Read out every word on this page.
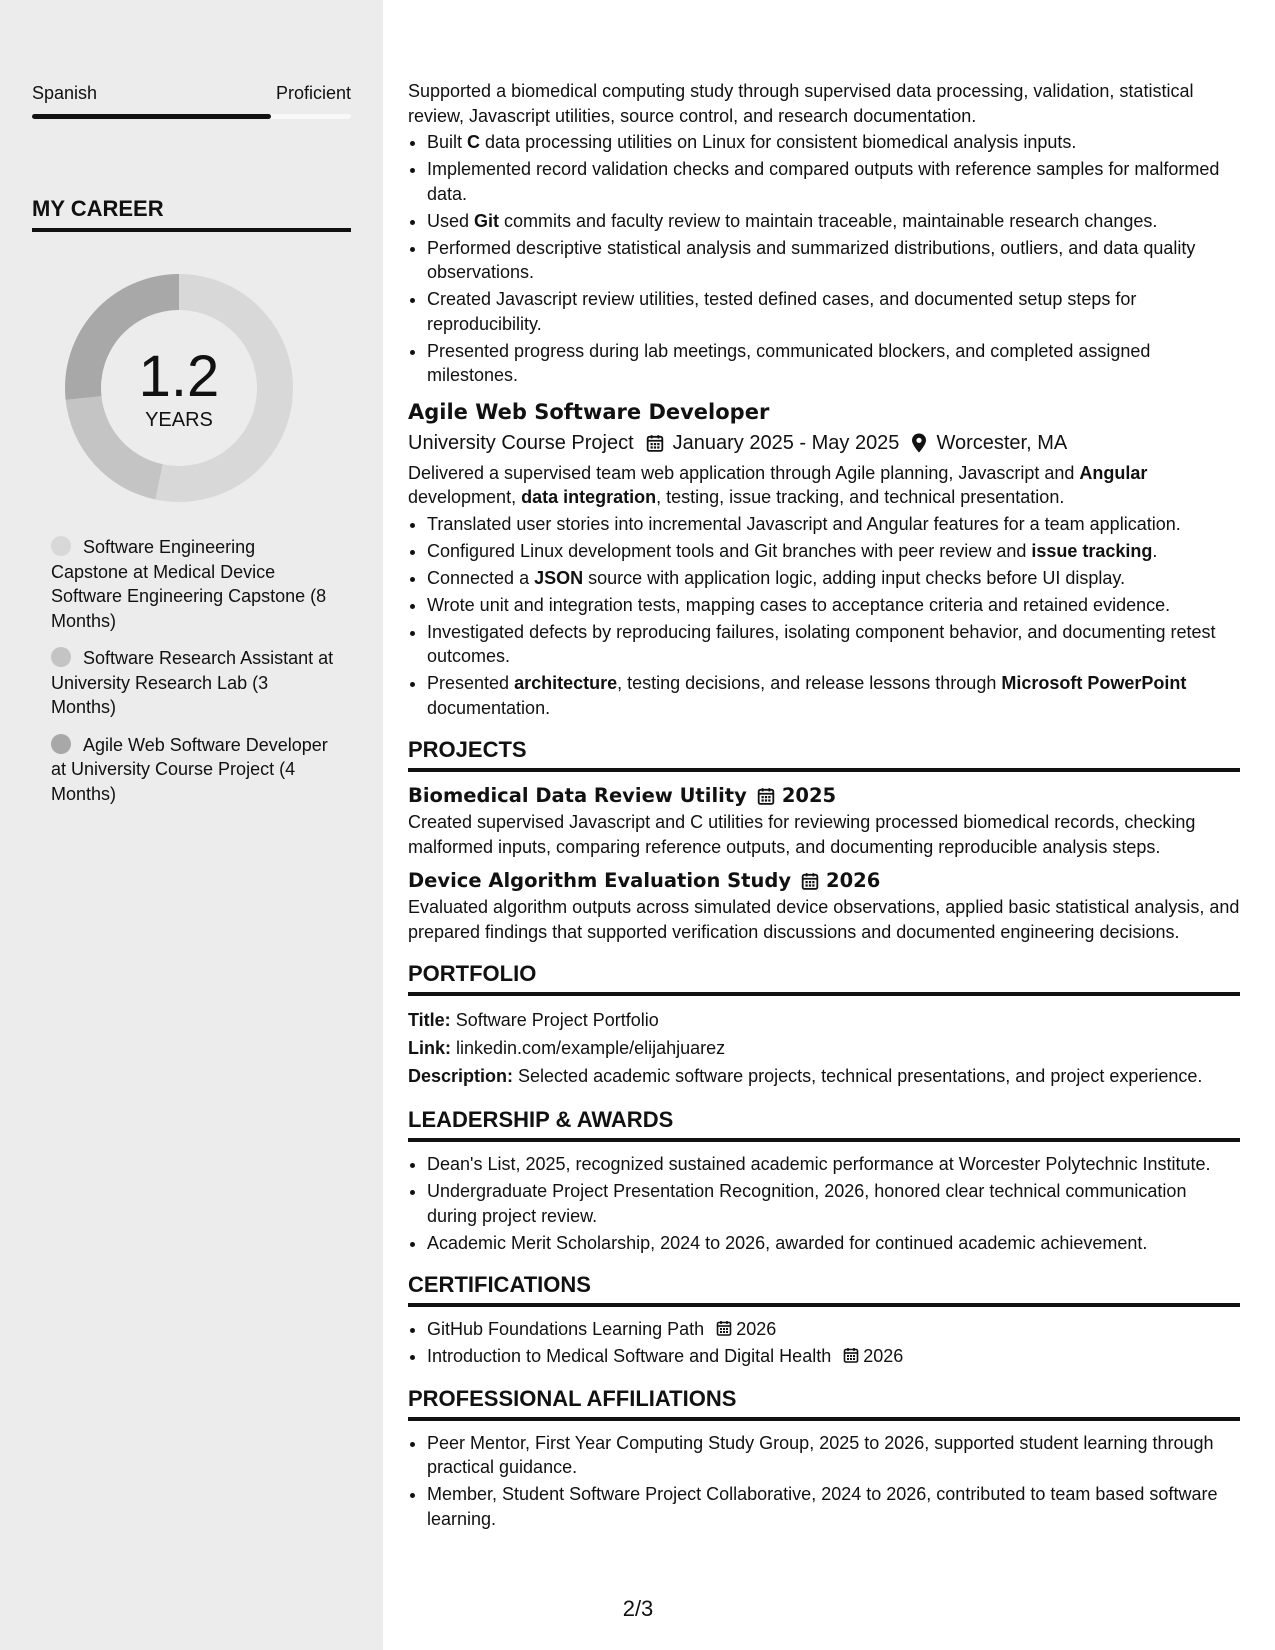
Spanish	Proficient
MY CAREER
1.2
YEARS
Software Engineering Capstone at Medical Device Software Engineering Capstone (8 Months)
Software Research Assistant at University Research Lab (3 Months)
Agile Web Software Developer at University Course Project (4 Months)

Supported a biomedical computing study through supervised data processing, validation, statistical review, Javascript utilities, source control, and research documentation.

• Built C data processing utilities on Linux for consistent biomedical analysis inputs.
• Implemented record validation checks and compared outputs with reference samples for malformed data.
• Used Git commits and faculty review to maintain traceable, maintainable research changes.
• Performed descriptive statistical analysis and summarized distributions, outliers, and data quality observations.
• Created Javascript review utilities, tested defined cases, and documented setup steps for reproducibility.
• Presented progress during lab meetings, communicated blockers, and completed assigned milestones.
Agile Web Software Developer
University Course Project January 2025 - May 2025 Worcester, MA

Delivered a supervised team web application through Agile planning, Javascript and Angular development, data integration, testing, issue tracking, and technical presentation.

• Translated user stories into incremental Javascript and Angular features for a team application.
• Configured Linux development tools and Git branches with peer review and issue tracking.
• Connected a JSON source with application logic, adding input checks before UI display.
• Wrote unit and integration tests, mapping cases to acceptance criteria and retained evidence.
• Investigated defects by reproducing failures, isolating component behavior, and documenting retest outcomes.
• Presented architecture, testing decisions, and release lessons through Microsoft PowerPoint documentation.
PROJECTS
Biomedical Data Review Utility 2025

Created supervised Javascript and C utilities for reviewing processed biomedical records, checking malformed inputs, comparing reference outputs, and documenting reproducible analysis steps.

Device Algorithm Evaluation Study 2026

Evaluated algorithm outputs across simulated device observations, applied basic statistical analysis, and prepared findings that supported verification discussions and documented engineering decisions.

PORTFOLIO
Title: Software Project Portfolio
Link: linkedin.com/example/elijahjuarez
Description: Selected academic software projects, technical presentations, and project experience.
LEADERSHIP & AWARDS
• Dean's List, 2025, recognized sustained academic performance at Worcester Polytechnic Institute.
• Undergraduate Project Presentation Recognition, 2026, honored clear technical communication during project review.
• Academic Merit Scholarship, 2024 to 2026, awarded for continued academic achievement.
CERTIFICATIONS
• GitHub Foundations Learning Path 2026
• Introduction to Medical Software and Digital Health 2026
PROFESSIONAL AFFILIATIONS
• Peer Mentor, First Year Computing Study Group, 2025 to 2026, supported student learning through practical guidance.
• Member, Student Software Project Collaborative, 2024 to 2026, contributed to team based software learning.
2/3
